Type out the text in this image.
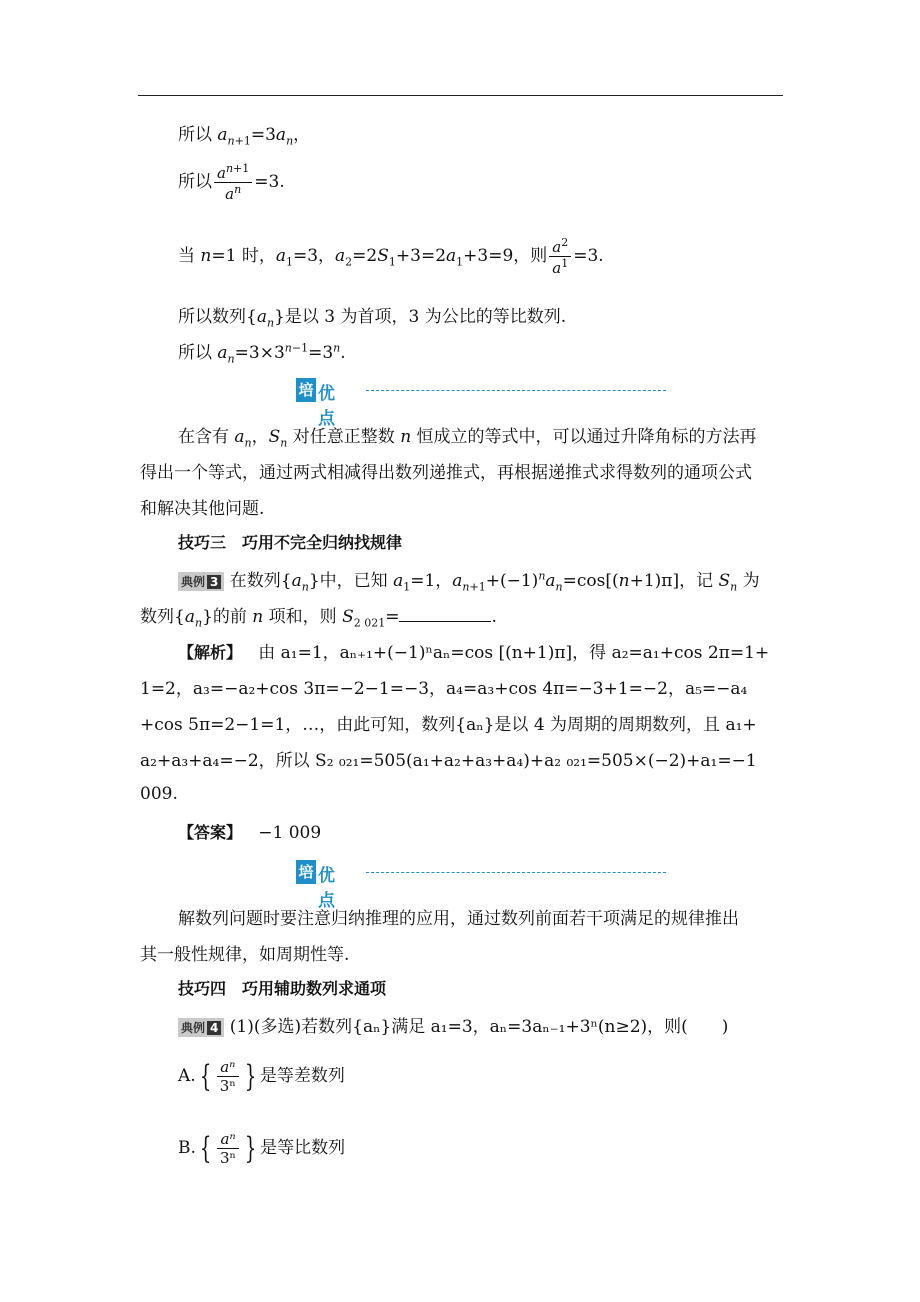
所以 $a_{n+1}=3a_n$，
所以 $\frac{a^{n+1}}{a^n} =3$.
当 n=1 时，$a_1=3$，$a_2=2S_1+3=2a_1+3=9$，则 $\frac{a^2}{a^1} =3$.
所以数列$\{a_n\}$是以 3 为首项，3 为公比的等比数列.
所以 $a_n=3\times 3^{n-1}=3^n$.
培 优点
在含有 $a_n$，$S_n$ 对任意正整数 n 恒成立的等式中，可以通过升降角标的方法再
得出一个等式，通过两式相减得出数列递推式，再根据递推式求得数列的通项公式
和解决其他问题.
技巧三　巧用不完全归纳找规律
典例 3 在数列$\{a_n\}$中，已知 $a_1=1$，$a_{n+1}+(-1)^na_n=\cos[(n+1)\pi]$，记 $S_n$ 为
数列$\{a_n\}$的前 n 项和，则 $S_{2 021}=$	.
【解析】 由 a₁=1，aₙ₊₁+(−1)ⁿaₙ=cos [(n+1)π]，得 a₂=a₁+cos 2π=1+
1=2，a₃=−a₂+cos 3π=−2−1=−3，a₄=a₃+cos 4π=−3+1=−2，a₅=−a₄
+cos 5π=2−1=1，…，由此可知，数列{aₙ}是以 4 为周期的周期数列，且 a₁+
a₂+a₃+a₄=−2，所以 S₂ ₀₂₁=505(a₁+a₂+a₃+a₄)+a₂ ₀₂₁=505×(−2)+a₁=−1
009.
【答案】 −1 009
培 优点
解数列问题时要注意归纳推理的应用，通过数列前面若干项满足的规律推出
其一般性规律，如周期性等.
技巧四　巧用辅助数列求通项
典例 4 (1)(多选)若数列{aₙ}满足 a₁=3，aₙ=3aₙ₋₁+3ⁿ(n≥2)，则(　　)
A. { $\frac{\text{aⁿ}}{\text{3ⁿ}}$ } 是等差数列
B. { $\frac{\text{aⁿ}}{\text{3ⁿ}}$ } 是等比数列
